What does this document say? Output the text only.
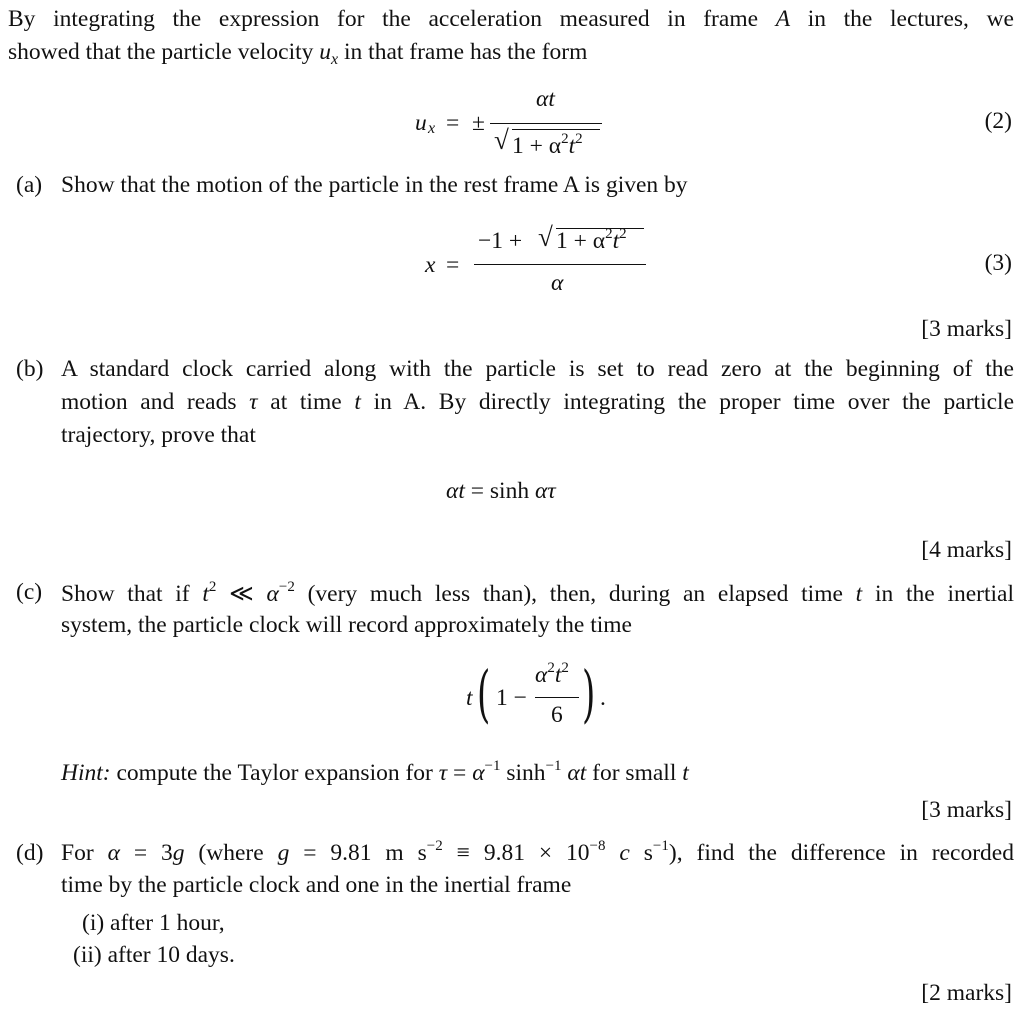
By integrating the expression for the acceleration measured in frame A in the lectures, we
showed that the particle velocity $u_x$ in that frame has the form
u x = ±
αt
√ $1 + \alpha^2t^2$
(2)
(a) Show that the motion of the particle in the rest frame A is given by
x =
−1 + √ $1 + \alpha^2t^2$
α
(3)
[3 marks]
(b) A standard clock carried along with the particle is set to read zero at the beginning of the
motion and reads τ at time t in A. By directly integrating the proper time over the particle
trajectory, prove that
αt = sinh ατ
[4 marks]
(c) Show that if $t^2$ ≪ $\alpha^{-2}$ (very much less than), then, during an elapsed time t in the inertial
system, the particle clock will record approximately the time
t ( 1 −
$\alpha^2t^2$
6 ) .
Hint: compute the Taylor expansion for $\tau = \alpha^{-1}$ $\sinh^{-1} \alpha t$ for small t
[3 marks]
(d) For α = 3g (where g = 9.81 m $s^{-2} \equiv 9.81 \times 10^{-8}$ c $s^{-1}$), find the difference in recorded
time by the particle clock and one in the inertial frame
(i) after 1 hour,
(ii) after 10 days.
[2 marks]
